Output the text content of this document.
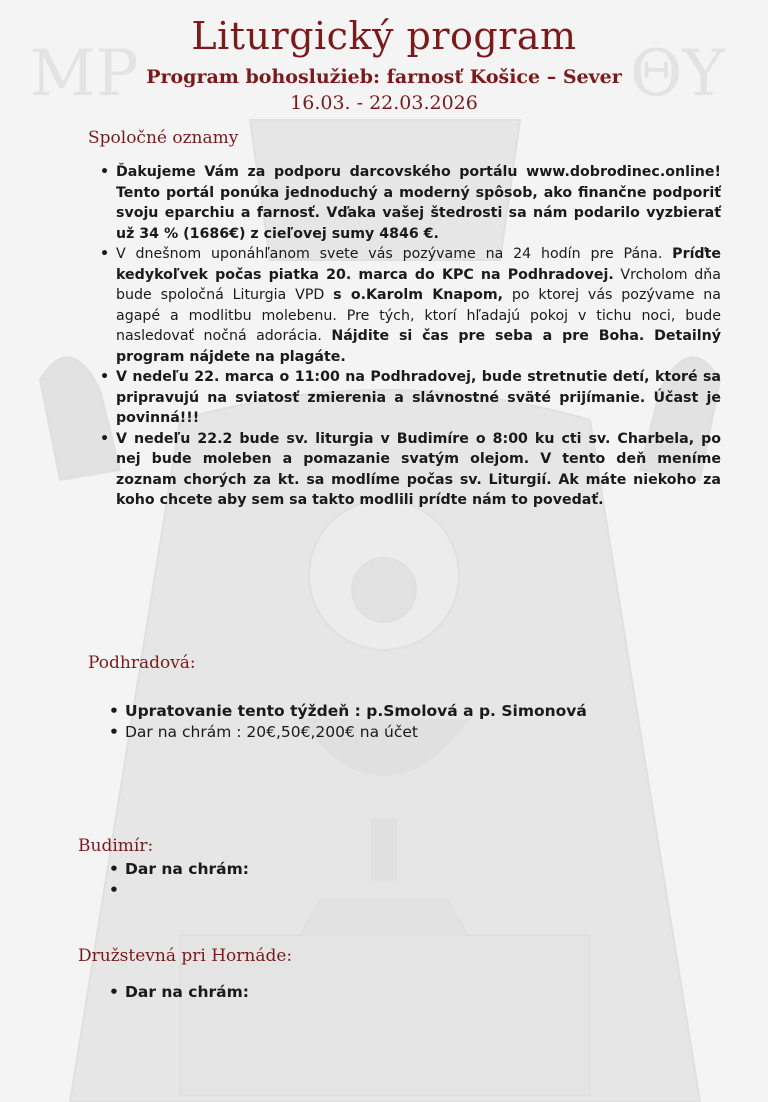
ΜΡ	ΘΥ
Liturgický program
Program bohoslužieb: farnosť Košice – Sever
16.03. - 22.03.2026
Spoločné oznamy
• Ďakujeme Vám za podporu darcovského portálu www.dobrodinec.online! Tento portál ponúka jednoduchý a moderný spôsob, ako finančne podporiť svoju eparchiu a farnosť. Vďaka vašej štedrosti sa nám podarilo vyzbierať už 34 % (1686€) z cieľovej sumy 4846 €.
• V dnešnom uponáhľanom svete vás pozývame na 24 hodín pre Pána. Príďte kedykoľvek počas piatka 20. marca do KPC na Podhradovej. Vrcholom dňa bude spoločná Liturgia VPD s o.Karolm Knapom, po ktorej vás pozývame na agapé a modlitbu molebenu. Pre tých, ktorí hľadajú pokoj v tichu noci, bude nasledovať nočná adorácia. Nájdite si čas pre seba a pre Boha. Detailný program nájdete na plagáte.
• V nedeľu 22. marca o 11:00 na Podhradovej, bude stretnutie detí, ktoré sa pripravujú na sviatosť zmierenia a slávnostné sväté prijímanie. Účast je povinná!!!
• V nedeľu 22.2 bude sv. liturgia v Budimíre o 8:00 ku cti sv. Charbela, po nej bude moleben a pomazanie svatým olejom. V tento deň meníme zoznam chorých za kt. sa modlíme počas sv. Liturgií. Ak máte niekoho za koho chcete aby sem sa takto modlili prídte nám to povedať.
Podhradová:
• Upratovanie tento týždeň : p.Smolová a p. Simonová
• Dar na chrám : 20€,50€,200€ na účet
Budimír:
• Dar na chrám:
•
Družstevná pri Hornáde:
• Dar na chrám:
